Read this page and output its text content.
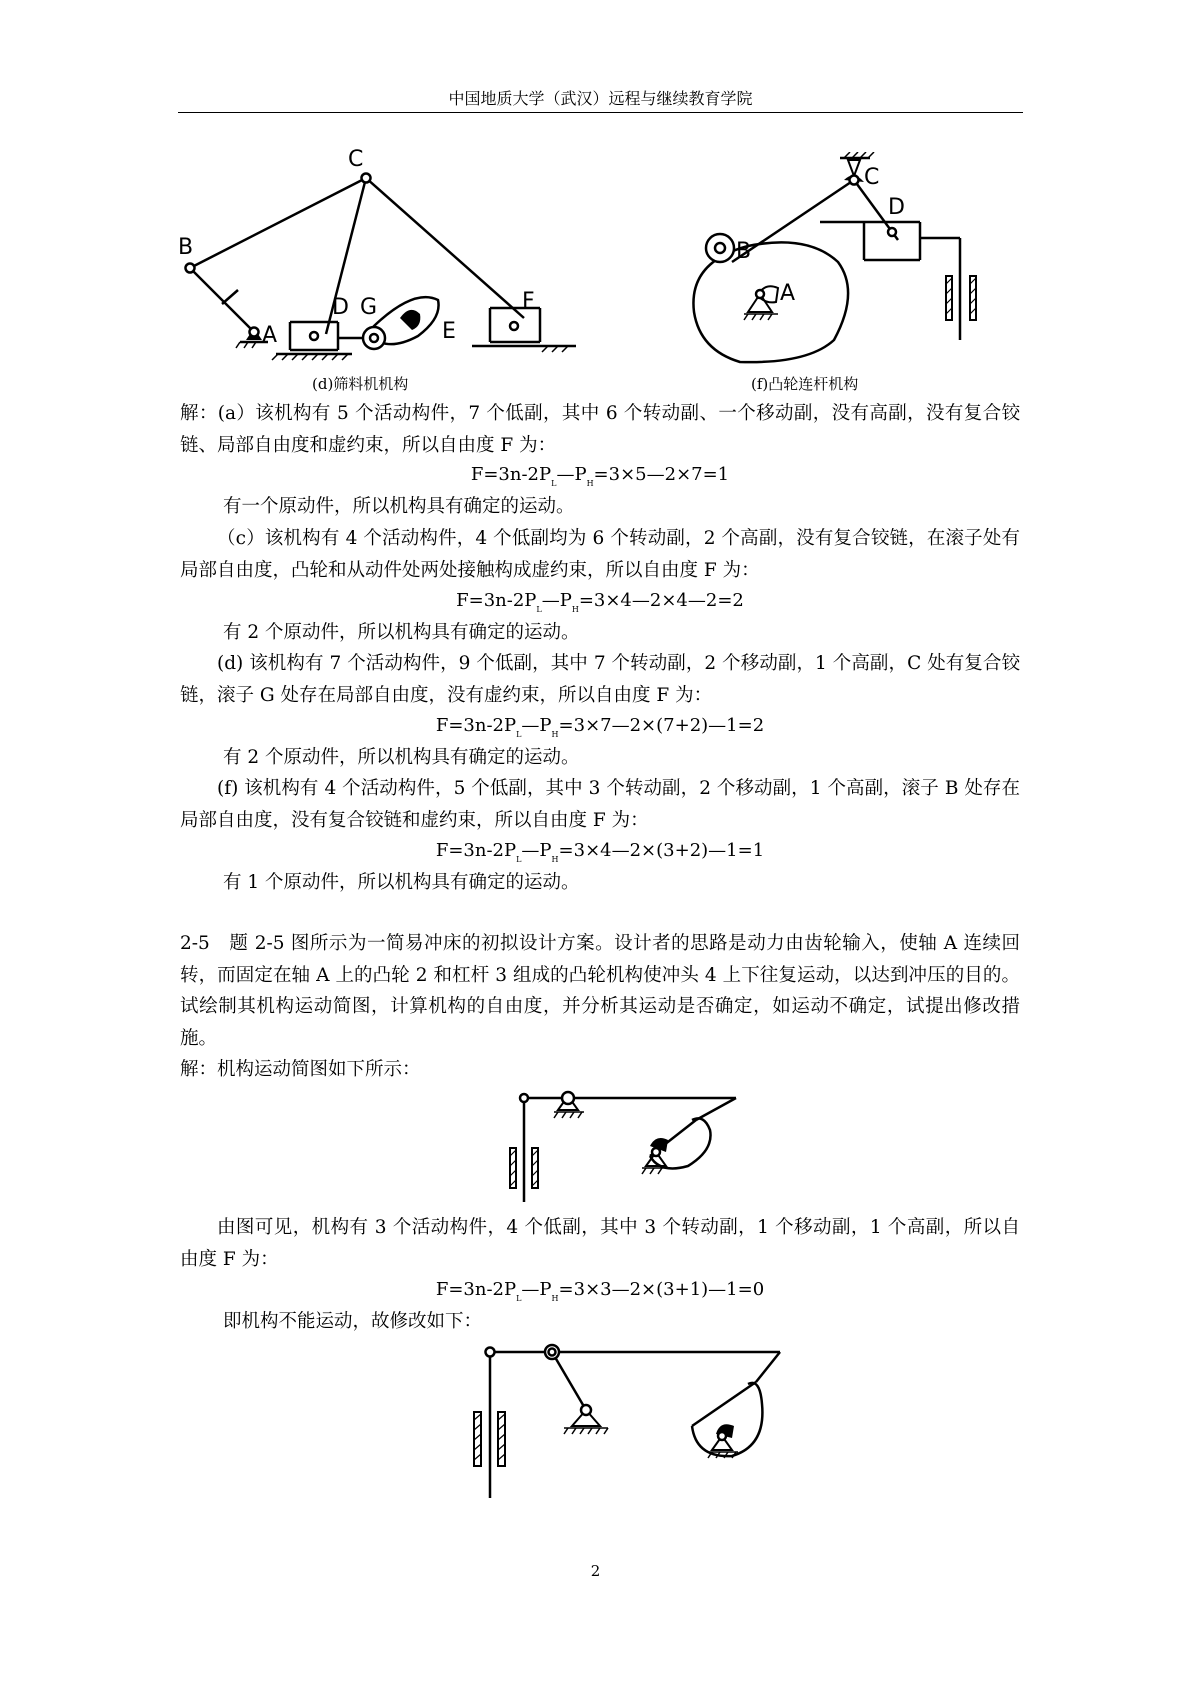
中国地质大学（武汉）远程与继续教育学院
C
B
A
D G
E
F
(d)筛料机机构
B
C
D
A
(f)凸轮连杆机构

解：(a）该机构有 5 个活动构件，7 个低副，其中 6 个转动副、一个移动副，没有高副，没有复合铰链、局部自由度和虚约束，所以自由度 F 为：

$F=3n-2P_L—P_H=3\times 5—2\times 7=1$
有一个原动件，所以机构具有确定的运动。

（c）该机构有 4 个活动构件，4 个低副均为 6 个转动副，2 个高副，没有复合铰链，在滚子处有局部自由度，凸轮和从动件处两处接触构成虚约束，所以自由度 F 为：

$F=3n-2P_L—P_H=3\times 4—2\times 4—2=2$
有 2 个原动件，所以机构具有确定的运动。

(d) 该机构有 7 个活动构件，9 个低副，其中 7 个转动副，2 个移动副，1 个高副，C 处有复合铰链，滚子 G 处存在局部自由度，没有虚约束，所以自由度 F 为：

$F=3n-2P_L—P_H=3\times 7—2\times(7+2)—1=2$
有 2 个原动件，所以机构具有确定的运动。

(f) 该机构有 4 个活动构件，5 个低副，其中 3 个转动副，2 个移动副，1 个高副，滚子 B 处存在局部自由度，没有复合铰链和虚约束，所以自由度 F 为：

$F=3n-2P_L—P_H=3\times 4—2\times(3+2)—1=1$
有 1 个原动件，所以机构具有确定的运动。

2-5　题 2-5 图所示为一简易冲床的初拟设计方案。设计者的思路是动力由齿轮输入，使轴 A 连续回转，而固定在轴 A 上的凸轮 2 和杠杆 3 组成的凸轮机构使冲头 4 上下往复运动，以达到冲压的目的。试绘制其机构运动简图，计算机构的自由度，并分析其运动是否确定，如运动不确定，试提出修改措施。

解：机构运动简图如下所示：

由图可见，机构有 3 个活动构件，4 个低副，其中 3 个转动副，1 个移动副，1 个高副，所以自由度 F 为：

$F=3n-2P_L—P_H=3\times 3—2\times(3+1)—1=0$
即机构不能运动，故修改如下：
2
